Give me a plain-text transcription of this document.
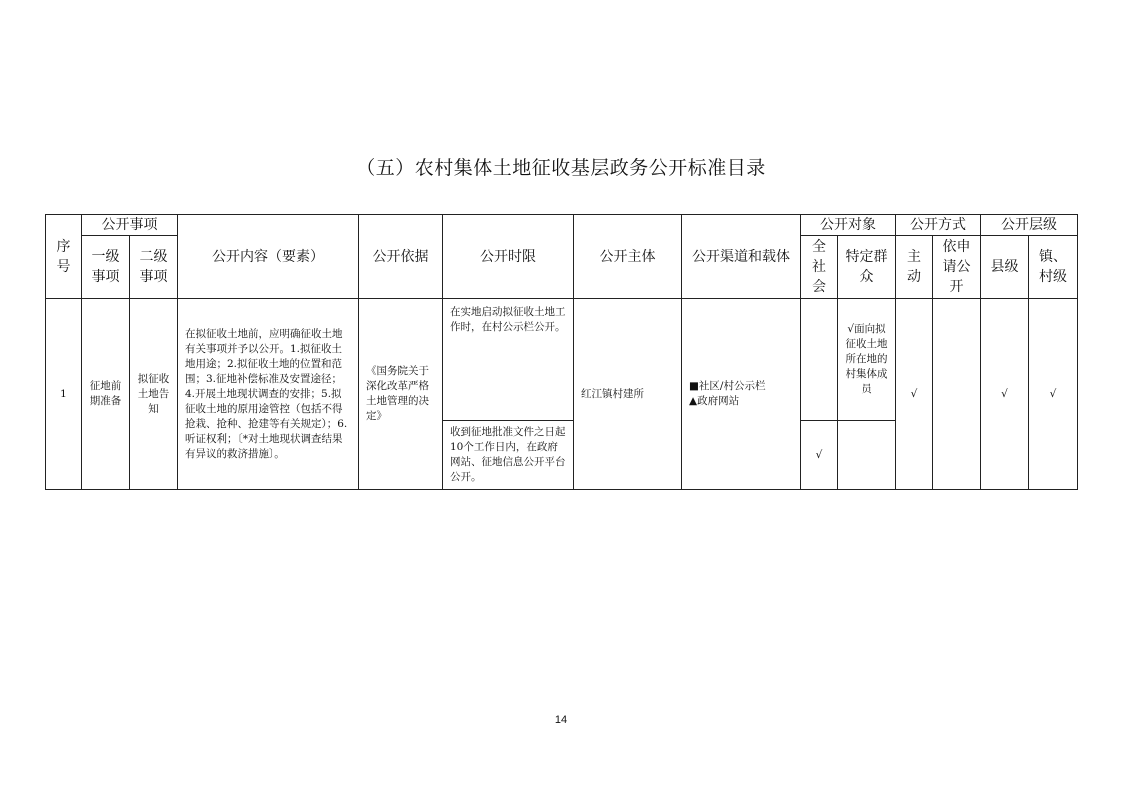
（五）农村集体土地征收基层政务公开标准目录
序号	公开事项		公开内容（要素）	公开依据	公开时限	公开主体	公开渠道和载体	公开对象		公开方式		公开层级	
	一级事项	二级事项						全社会	特定群众	主动	依申请公开	县级	镇、村级
1	征地前期准备	拟征收土地告知	在拟征收土地前，应明确征收土地有关事项并予以公开。1.拟征收土地用途；2.拟征收土地的位置和范围；3.征地补偿标准及安置途径；4.开展土地现状调查的安排；5.拟征收土地的原用途管控（包括不得抢栽、抢种、抢建等有关规定）；6.听证权利；〔*对土地现状调查结果有异议的救济措施〕。	《国务院关于深化改革严格土地管理的决定》	在实地启动拟征收土地工作时，在村公示栏公开。	红江镇村建所	■社区/村公示栏
▲政府网站		√面向拟征收土地所在地的村集体成员	√		√	√
					收到征地批准文件之日起10个工作日内，在政府网站、征地信息公开平台公开。			√					
14
